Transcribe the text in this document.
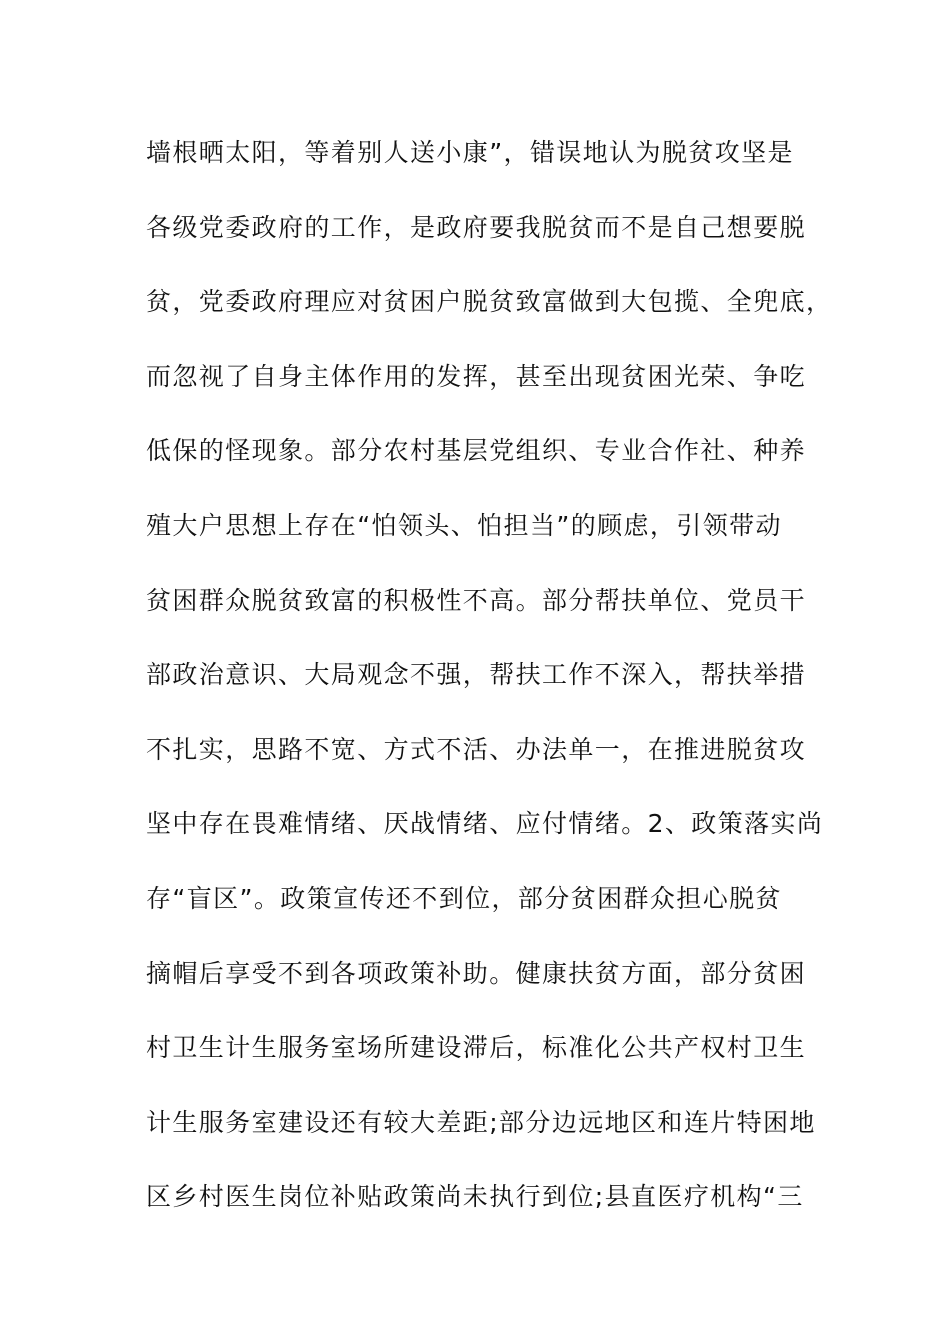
墙根晒太阳，等着别人送小康”，错误地认为脱贫攻坚是
各级党委政府的工作，是政府要我脱贫而不是自己想要脱
贫，党委政府理应对贫困户脱贫致富做到大包揽、全兜底，
而忽视了自身主体作用的发挥，甚至出现贫困光荣、争吃
低保的怪现象。部分农村基层党组织、专业合作社、种养
殖大户思想上存在“怕领头、怕担当”的顾虑，引领带动
贫困群众脱贫致富的积极性不高。部分帮扶单位、党员干
部政治意识、大局观念不强，帮扶工作不深入，帮扶举措
不扎实，思路不宽、方式不活、办法单一，在推进脱贫攻
坚中存在畏难情绪、厌战情绪、应付情绪。2、政策落实尚
存“盲区”。政策宣传还不到位，部分贫困群众担心脱贫
摘帽后享受不到各项政策补助。健康扶贫方面，部分贫困
村卫生计生服务室场所建设滞后，标准化公共产权村卫生
计生服务室建设还有较大差距;部分边远地区和连片特困地
区乡村医生岗位补贴政策尚未执行到位;县直医疗机构“三
